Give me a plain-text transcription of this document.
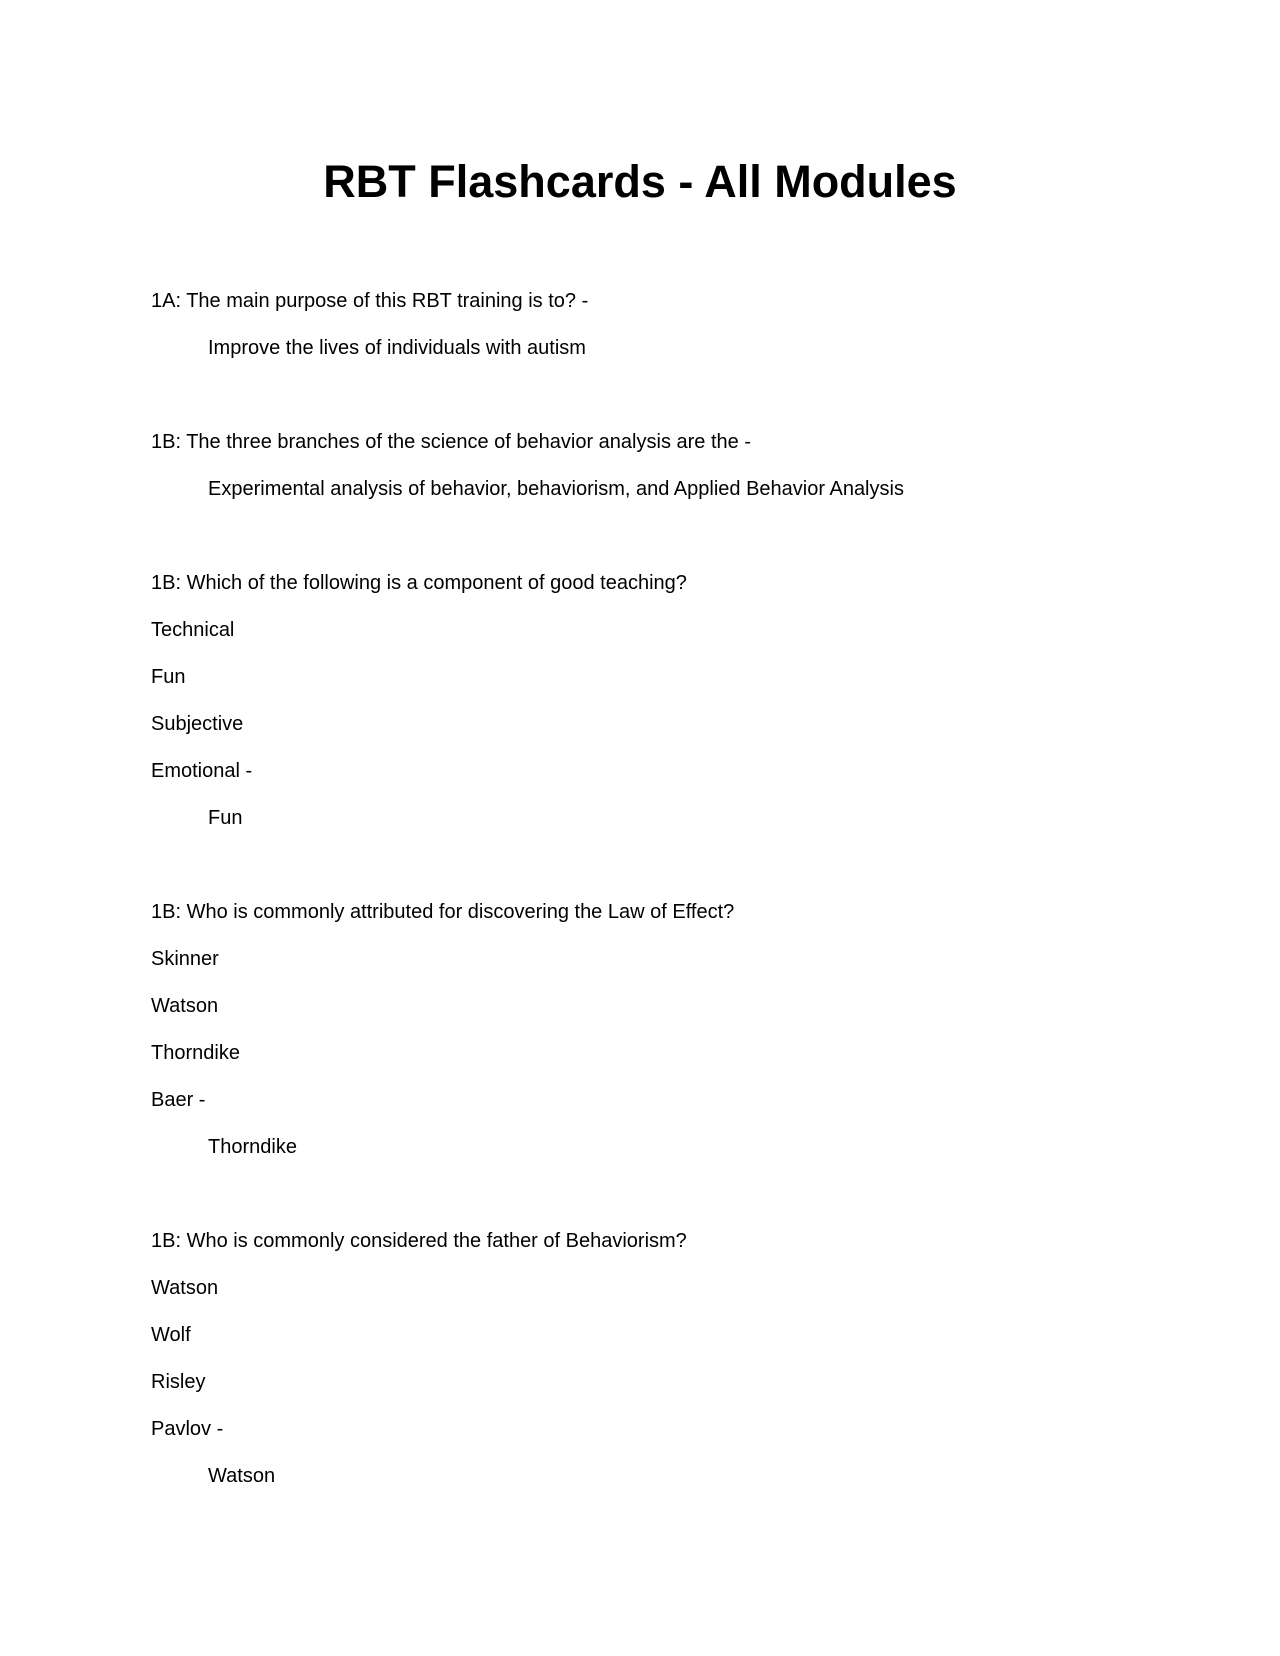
RBT Flashcards - All Modules
1A: The main purpose of this RBT training is to? -
Improve the lives of individuals with autism
1B: The three branches of the science of behavior analysis are the -
Experimental analysis of behavior, behaviorism, and Applied Behavior Analysis
1B: Which of the following is a component of good teaching?
Technical
Fun
Subjective
Emotional -
Fun
1B: Who is commonly attributed for discovering the Law of Effect?
Skinner
Watson
Thorndike
Baer -
Thorndike
1B: Who is commonly considered the father of Behaviorism?
Watson
Wolf
Risley
Pavlov -
Watson
